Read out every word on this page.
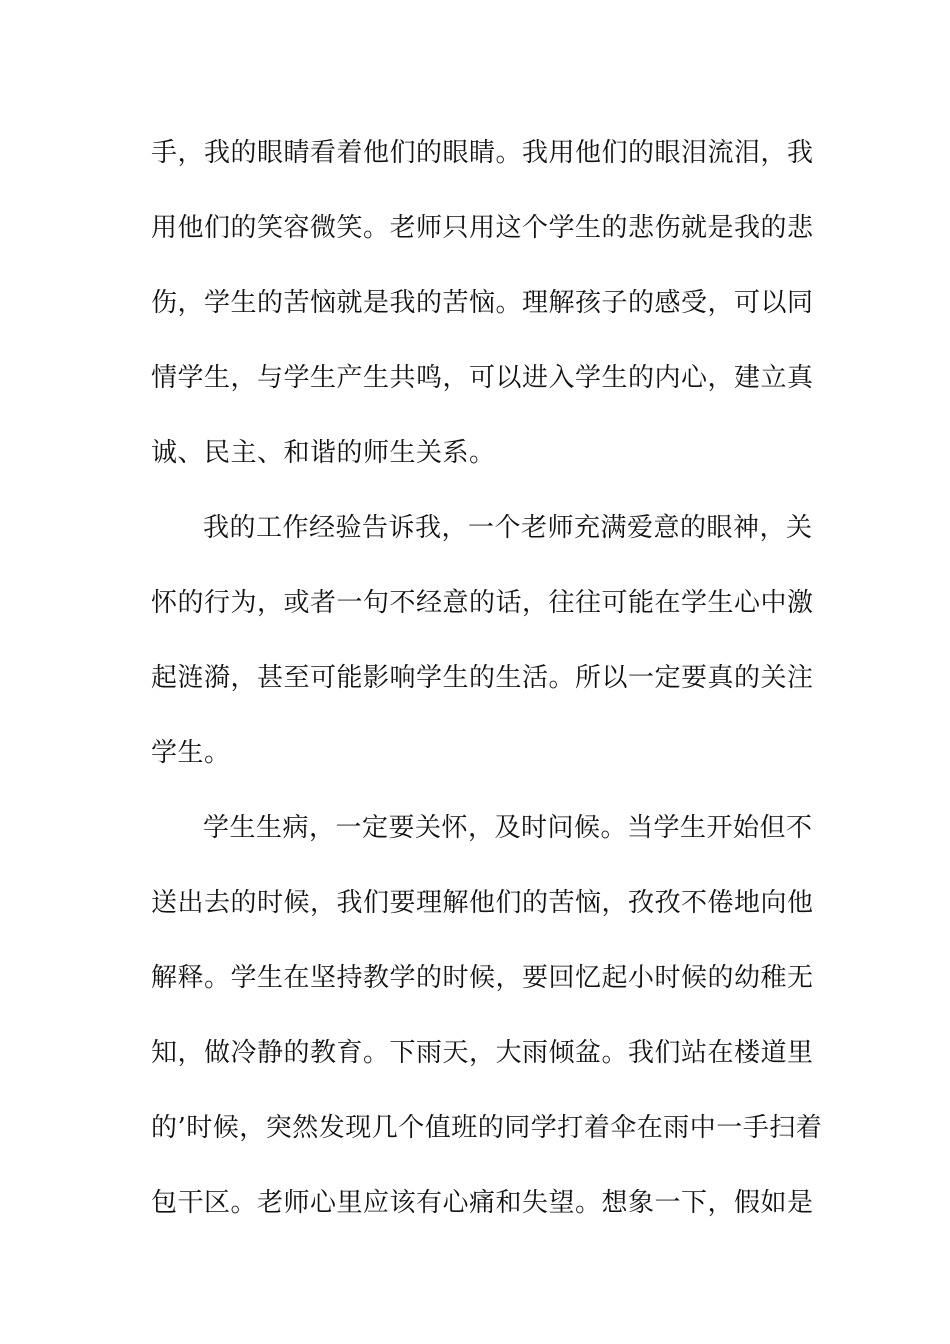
手，我的眼睛看着他们的眼睛。我用他们的眼泪流泪，我
用他们的笑容微笑。老师只用这个学生的悲伤就是我的悲
伤，学生的苦恼就是我的苦恼。理解孩子的感受，可以同
情学生，与学生产生共鸣，可以进入学生的内心，建立真
诚、民主、和谐的师生关系。
我的工作经验告诉我，一个老师充满爱意的眼神，关
怀的行为，或者一句不经意的话，往往可能在学生心中激
起涟漪，甚至可能影响学生的生活。所以一定要真的关注
学生。
学生生病，一定要关怀，及时问候。当学生开始但不
送出去的时候，我们要理解他们的苦恼，孜孜不倦地向他
解释。学生在坚持教学的时候，要回忆起小时候的幼稚无
知，做冷静的教育。下雨天，大雨倾盆。我们站在楼道里
的’时候，突然发现几个值班的同学打着伞在雨中一手扫着
包干区。老师心里应该有心痛和失望。想象一下，假如是
